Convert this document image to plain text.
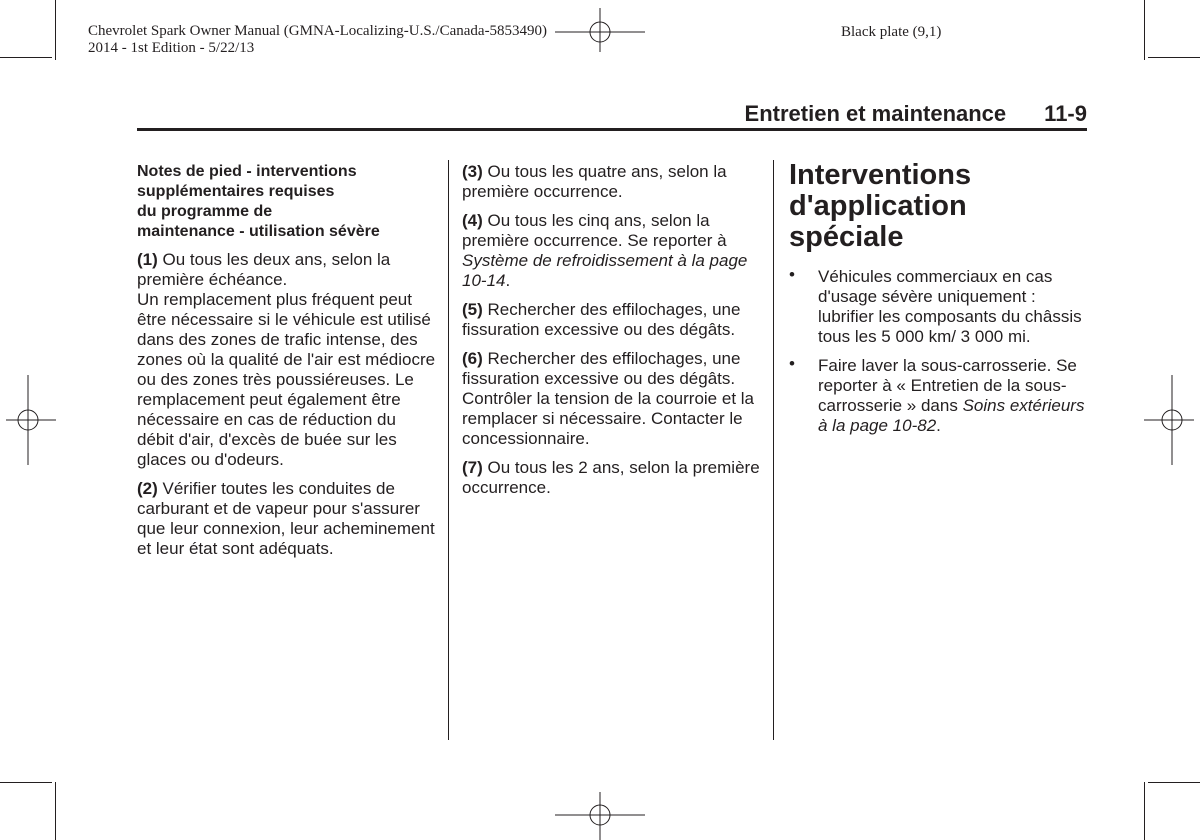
Chevrolet Spark Owner Manual (GMNA-Localizing-U.S./Canada-5853490)
2014 - 1st Edition - 5/22/13
Black plate (9,1)
Entretien et maintenance 11-9
Notes de pied - interventions
supplémentaires requises
du programme de
maintenance - utilisation sévère

(1) Ou tous les deux ans, selon la première échéance.

Un remplacement plus fréquent peut être nécessaire si le véhicule est utilisé dans des zones de trafic intense, des zones où la qualité de l'air est médiocre ou des zones très poussiéreuses. Le remplacement peut également être nécessaire en cas de réduction du débit d'air, d'excès de buée sur les glaces ou d'odeurs.

(2) Vérifier toutes les conduites de carburant et de vapeur pour s'assurer que leur connexion, leur acheminement et leur état sont adéquats.

(3) Ou tous les quatre ans, selon la première occurrence.

(4) Ou tous les cinq ans, selon la première occurrence. Se reporter à Système de refroidissement à la page 10-14.

(5) Rechercher des effilochages, une fissuration excessive ou des dégâts.

(6) Rechercher des effilochages, une fissuration excessive ou des dégâts. Contrôler la tension de la courroie et la remplacer si nécessaire. Contacter le concessionnaire.

(7) Ou tous les 2 ans, selon la première occurrence.

Interventions
d'application spéciale
• Véhicules commerciaux en cas d'usage sévère uniquement : lubrifier les composants du châssis tous les 5 000 km/ 3 000 mi.
• Faire laver la sous-carrosserie. Se reporter à « Entretien de la sous-carrosserie » dans Soins extérieurs à la page 10-82.
